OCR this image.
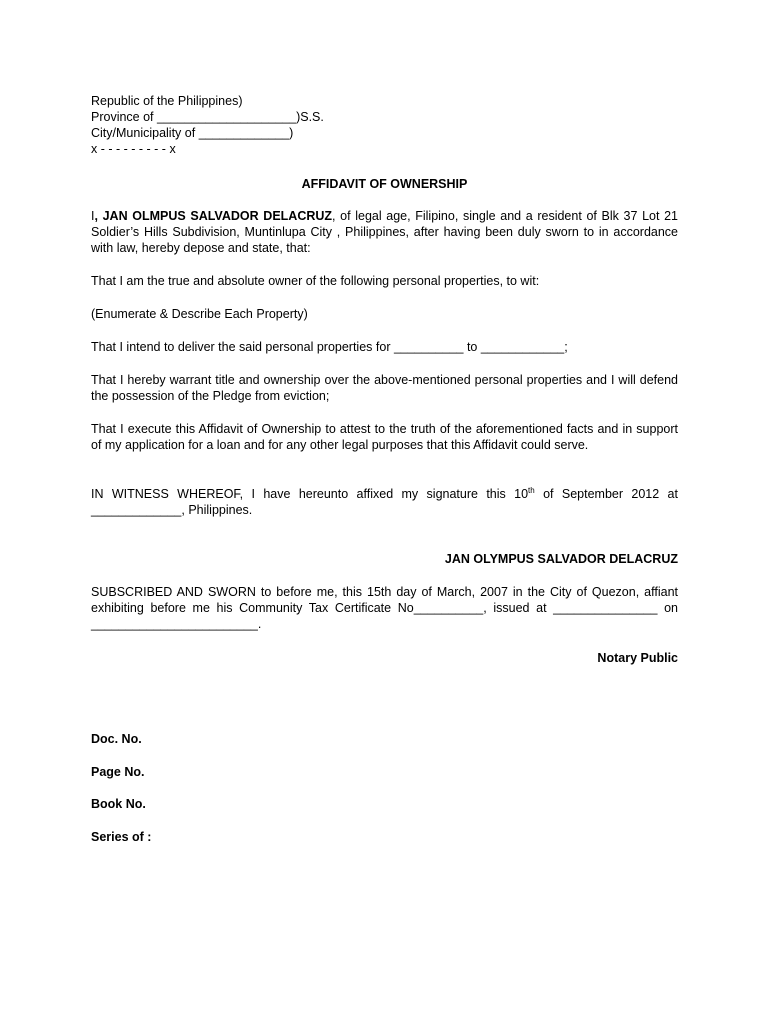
Republic of the Philippines)
Province of ____________________)S.S.
City/Municipality of _____________)
x - - - - - - - - - x
AFFIDAVIT OF OWNERSHIP
I, JAN OLMPUS SALVADOR DELACRUZ, of legal age, Filipino, single and a resident of Blk 37 Lot 21 Soldier’s Hills Subdivision, Muntinlupa City , Philippines, after having been duly sworn to in accordance with law, hereby depose and state, that:
That I am the true and absolute owner of the following personal properties, to wit:
(Enumerate & Describe Each Property)
That I intend to deliver the said personal properties for __________ to ____________;
That I hereby warrant title and ownership over the above-mentioned personal properties and I will defend the possession of the Pledge from eviction;
That I execute this Affidavit of Ownership to attest to the truth of the aforementioned facts and in support of my application for a loan and for any other legal purposes that this Affidavit could serve.
IN WITNESS WHEREOF, I have hereunto affixed my signature this 10th of September 2012 at _____________, Philippines.
JAN OLYMPUS SALVADOR DELACRUZ
SUBSCRIBED AND SWORN to before me, this 15th day of March, 2007 in the City of Quezon, affiant exhibiting before me his Community Tax Certificate No__________, issued at _______________ on ________________________.
Notary Public
Doc. No.
Page No.
Book No.
Series of :
